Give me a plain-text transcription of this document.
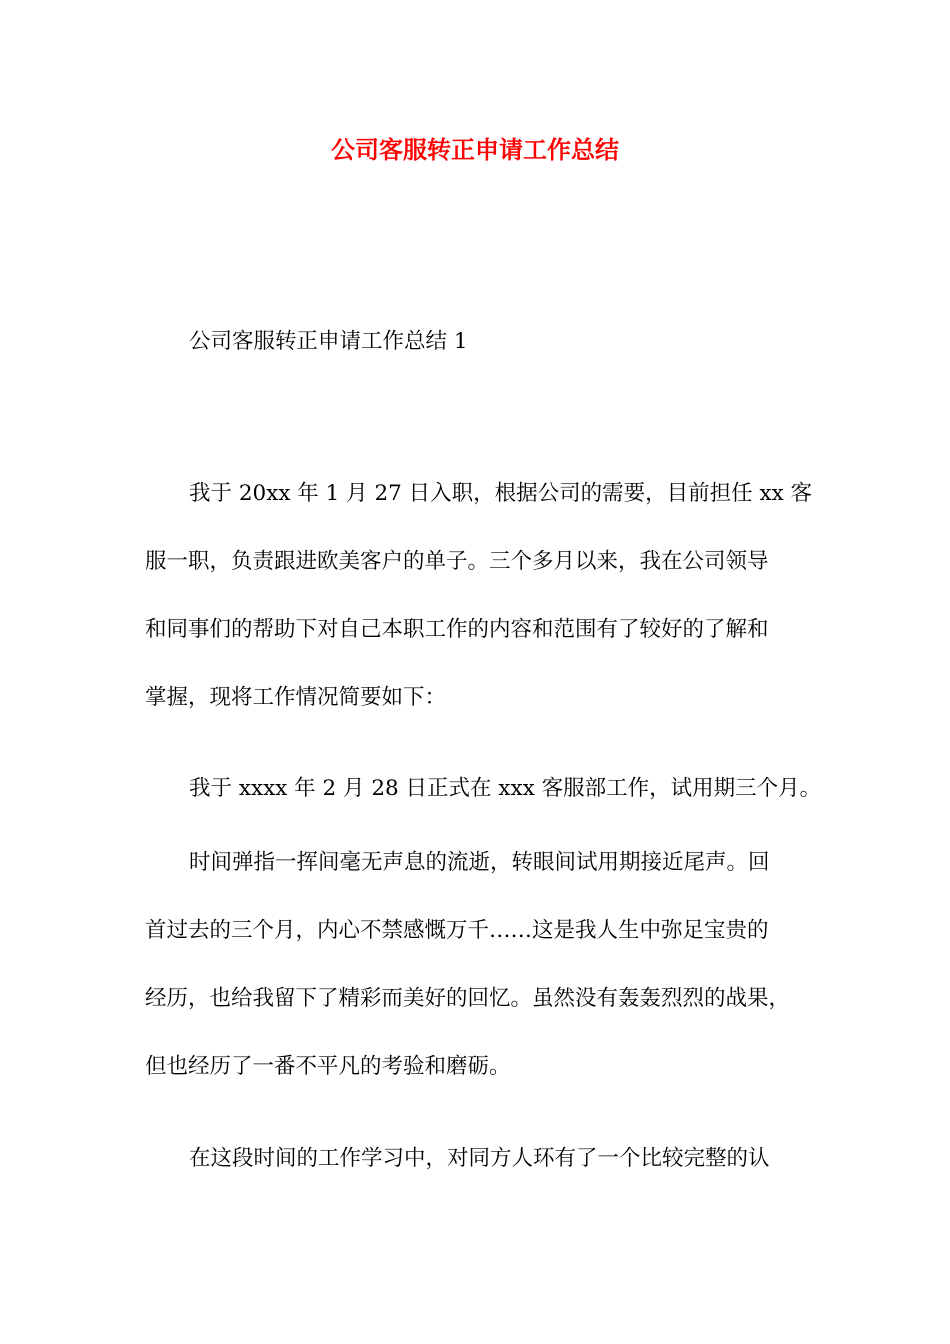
公司客服转正申请工作总结

公司客服转正申请工作总结 1

我于 20xx 年 1 月 27 日入职，根据公司的需要，目前担任 xx 客
服一职，负责跟进欧美客户的单子。三个多月以来，我在公司领导
和同事们的帮助下对自己本职工作的内容和范围有了较好的了解和
掌握，现将工作情况简要如下：
我于 xxxx 年 2 月 28 日正式在 xxx 客服部工作，试用期三个月。
时间弹指一挥间毫无声息的流逝，转眼间试用期接近尾声。回
首过去的三个月，内心不禁感慨万千……这是我人生中弥足宝贵的
经历，也给我留下了精彩而美好的回忆。虽然没有轰轰烈烈的战果，
但也经历了一番不平凡的考验和磨砺。
在这段时间的工作学习中，对同方人环有了一个比较完整的认
